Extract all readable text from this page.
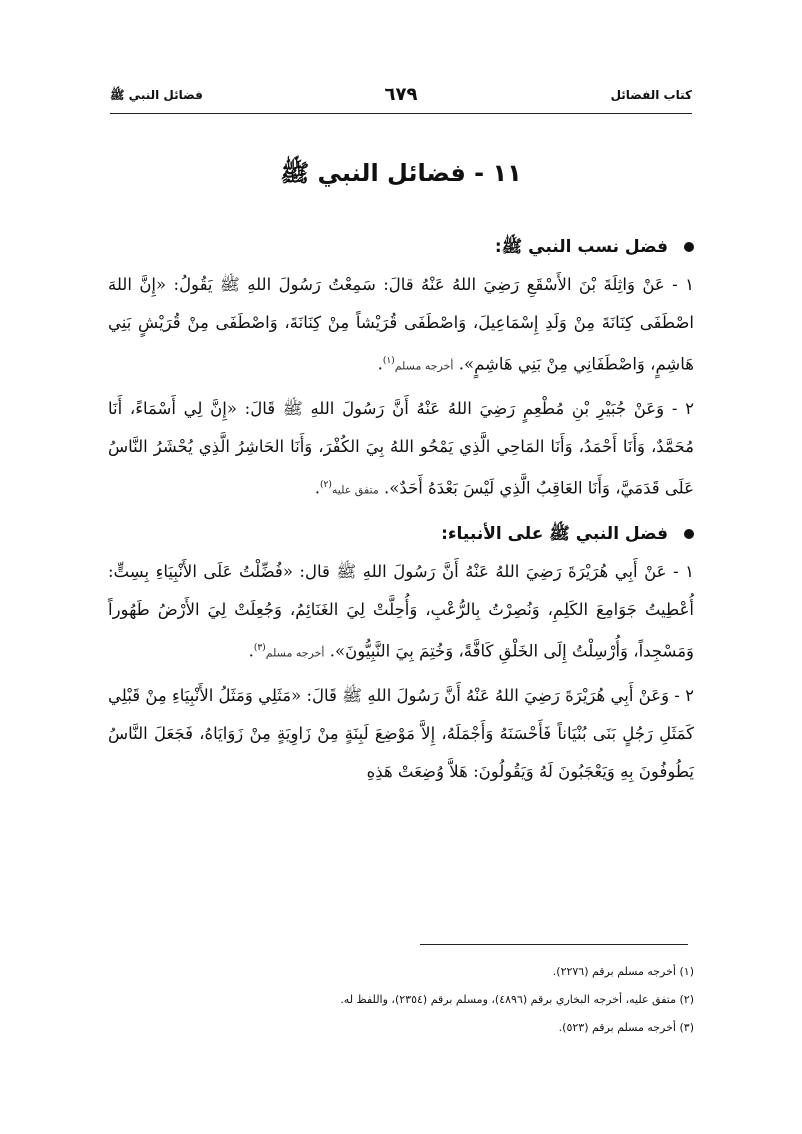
فضائل النبي ﷺ	٦٧٩	كتاب الفضائل
١١ - فضائل النبي ﷺ
فضل نسب النبي ﷺ:

١ - عَنْ وَاثِلَةَ بْنَ الأَسْقَعِ رَضِيَ اللهُ عَنْهُ قالَ: سَمِعْتُ رَسُولَ اللهِ ﷺ يَقُولُ: «إِنَّ اللهَ اصْطَفَى كِنَانَةَ مِنْ وَلَدِ إِسْمَاعِيلَ، وَاصْطَفَى قُرَيْشاً مِنْ كِنَانَةَ، وَاصْطَفَى مِنْ قُرَيْشٍ بَنِي هَاشِمٍ، وَاصْطَفَانِي مِنْ بَنِي هَاشِمٍ». أخرجه مسلم$^{(١)}$.

٢ - وَعَنْ جُبَيْرِ بْنِ مُطْعِمٍ رَضِيَ اللهُ عَنْهُ أَنَّ رَسُولَ اللهِ ﷺ قَالَ: «إِنَّ لِي أَسْمَاءً، أَنَا مُحَمَّدٌ، وَأَنَا أَحْمَدُ، وَأَنَا المَاحِي الَّذِي يَمْحُو اللهُ بِيَ الكُفْرَ، وَأَنَا الحَاشِرُ الَّذِي يُحْشَرُ النَّاسُ عَلَى قَدَمَيَّ، وَأَنَا العَاقِبُ الَّذِي لَيْسَ بَعْدَهُ أَحَدٌ». متفق عليه$^{(٢)}$.

فضل النبي ﷺ على الأنبياء:

١ - عَنْ أَبِي هُرَيْرَةَ رَضِيَ اللهُ عَنْهُ أَنَّ رَسُولَ اللهِ ﷺ قال: «فُضِّلْتُ عَلَى الأَنْبِيَاءِ بِسِتٍّ: أُعْطِيتُ جَوَامِعَ الكَلِمِ، وَنُصِرْتُ بِالرُّعْبِ، وَأُحِلَّتْ لِيَ الغَنَائِمُ، وَجُعِلَتْ لِيَ الأَرْضُ طَهُوراً وَمَسْجِداً، وَأُرْسِلْتُ إِلَى الخَلْقِ كَافَّةً، وَخُتِمَ بِيَ النَّبِيُّونَ». أخرجه مسلم$^{(٣)}$.

٢ - وَعَنْ أَبِي هُرَيْرَةَ رَضِيَ اللهُ عَنْهُ أَنَّ رَسُولَ اللهِ ﷺ قَالَ: «مَثَلِي وَمَثَلُ الأَنْبِيَاءِ مِنْ قَبْلِي كَمَثَلِ رَجُلٍ بَنَى بُنْيَاناً فَأَحْسَنَهُ وَأَجْمَلَهُ، إِلاَّ مَوْضِعَ لَبِنَةٍ مِنْ زَاوِيَةٍ مِنْ زَوَايَاهُ، فَجَعَلَ النَّاسُ يَطُوفُونَ بِهِ وَيَعْجَبُونَ لَهُ وَيَقُولُونَ: هَلاَّ وُضِعَتْ هَذِهِ

(١) أخرجه مسلم برقم (٢٢٧٦).
(٢) متفق عليه، أخرجه البخاري برقم (٤٨٩٦)، ومسلم برقم (٢٣٥٤)، واللفظ له.
(٣) أخرجه مسلم برقم (٥٢٣).
